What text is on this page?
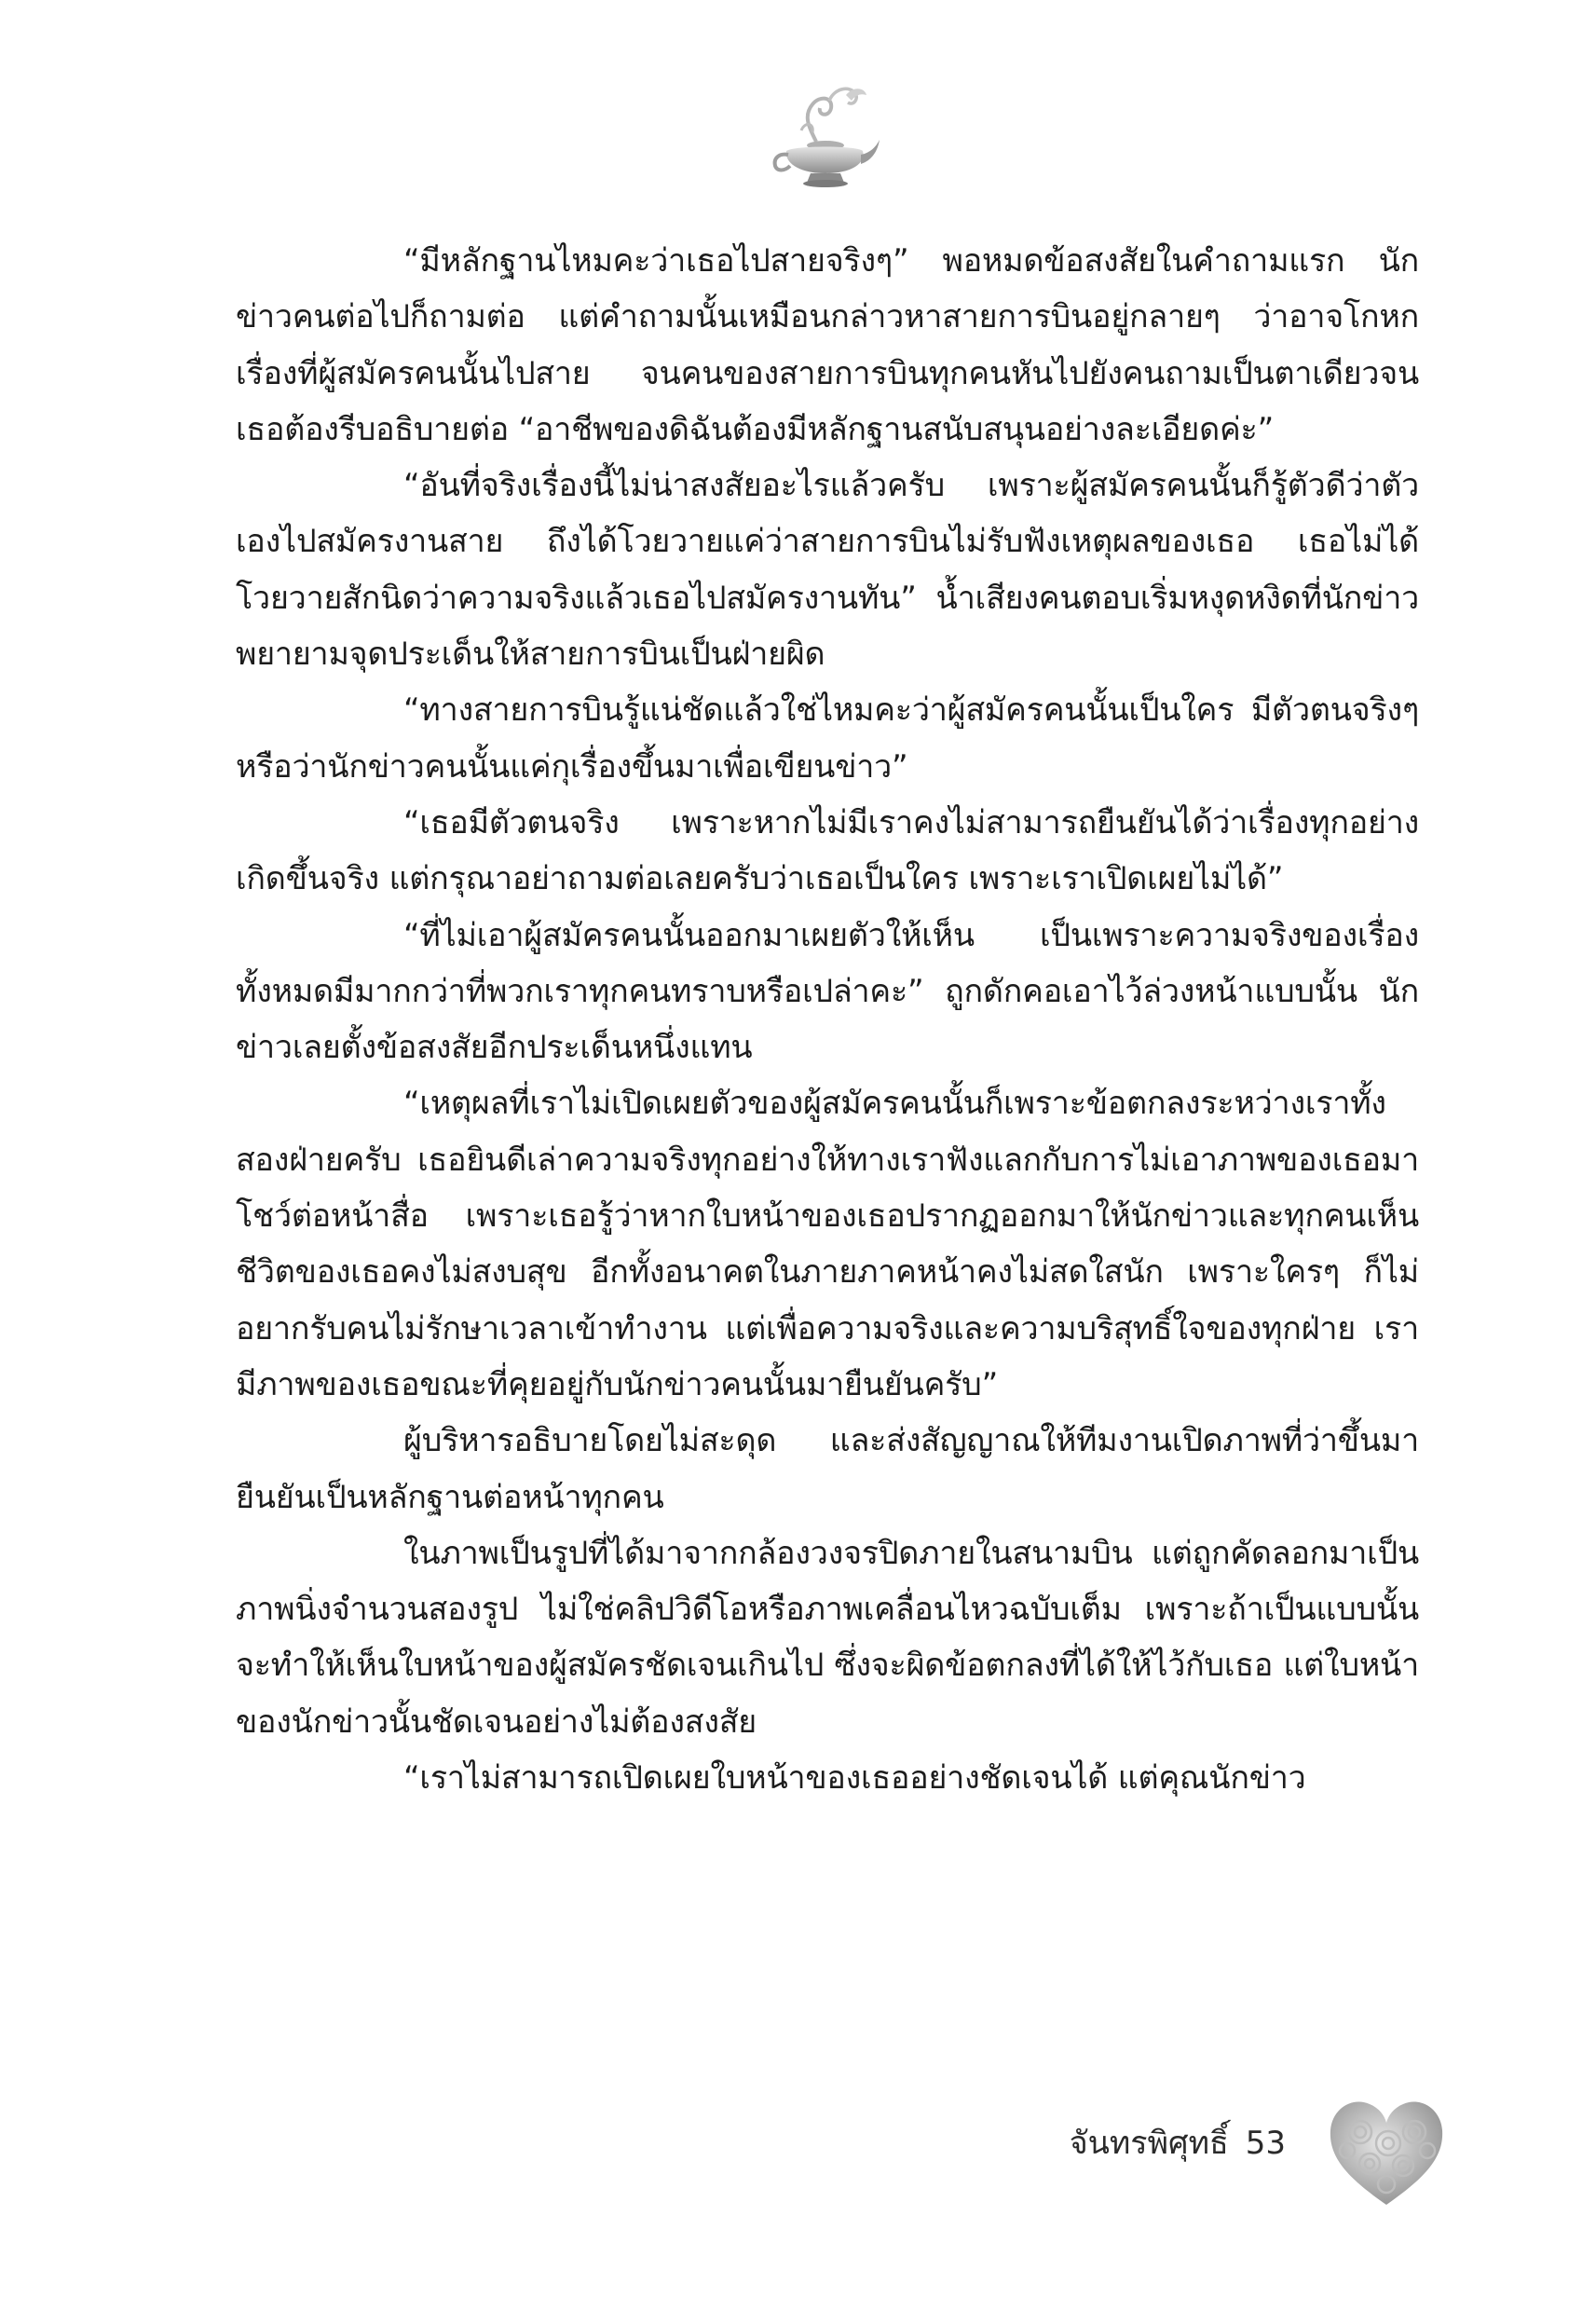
“มีหลักฐานไหมคะว่าเธอไปสายจริงๆ” พอหมดข้อสงสัยในคำถามแรก นักข่าวคนต่อไปก็ถามต่อ แต่คำถามนั้นเหมือนกล่าวหาสายการบินอยู่กลายๆ ว่าอาจโกหกเรื่องที่ผู้สมัครคนนั้นไปสาย จนคนของสายการบินทุกคนหันไปยังคนถามเป็นตาเดียวจนเธอต้องรีบอธิบายต่อ “อาชีพของดิฉันต้องมีหลักฐานสนับสนุนอย่างละเอียดค่ะ”

“อันที่จริงเรื่องนี้ไม่น่าสงสัยอะไรแล้วครับ เพราะผู้สมัครคนนั้นก็รู้ตัวดีว่าตัวเองไปสมัครงานสาย ถึงได้โวยวายแค่ว่าสายการบินไม่รับฟังเหตุผลของเธอ เธอไม่ได้โวยวายสักนิดว่าความจริงแล้วเธอไปสมัครงานทัน” น้ำเสียงคนตอบเริ่มหงุดหงิดที่นักข่าวพยายามจุดประเด็นให้สายการบินเป็นฝ่ายผิด

“ทางสายการบินรู้แน่ชัดแล้วใช่ไหมคะว่าผู้สมัครคนนั้นเป็นใคร มีตัวตนจริงๆ หรือว่านักข่าวคนนั้นแค่กุเรื่องขึ้นมาเพื่อเขียนข่าว”

“เธอมีตัวตนจริง เพราะหากไม่มีเราคงไม่สามารถยืนยันได้ว่าเรื่องทุกอย่างเกิดขึ้นจริง แต่กรุณาอย่าถามต่อเลยครับว่าเธอเป็นใคร เพราะเราเปิดเผยไม่ได้”

“ที่ไม่เอาผู้สมัครคนนั้นออกมาเผยตัวให้เห็น เป็นเพราะความจริงของเรื่องทั้งหมดมีมากกว่าที่พวกเราทุกคนทราบหรือเปล่าคะ” ถูกดักคอเอาไว้ล่วงหน้าแบบนั้น นักข่าวเลยตั้งข้อสงสัยอีกประเด็นหนึ่งแทน

“เหตุผลที่เราไม่เปิดเผยตัวของผู้สมัครคนนั้นก็เพราะข้อตกลงระหว่างเราทั้งสองฝ่ายครับ เธอยินดีเล่าความจริงทุกอย่างให้ทางเราฟังแลกกับการไม่เอาภาพของเธอมาโชว์ต่อหน้าสื่อ เพราะเธอรู้ว่าหากใบหน้าของเธอปรากฏออกมาให้นักข่าวและทุกคนเห็น ชีวิตของเธอคงไม่สงบสุข อีกทั้งอนาคตในภายภาคหน้าคงไม่สดใสนัก เพราะใครๆ ก็ไม่อยากรับคนไม่รักษาเวลาเข้าทำงาน แต่เพื่อความจริงและความบริสุทธิ์ใจของทุกฝ่าย เรามีภาพของเธอขณะที่คุยอยู่กับนักข่าวคนนั้นมายืนยันครับ”

ผู้บริหารอธิบายโดยไม่สะดุด และส่งสัญญาณให้ทีมงานเปิดภาพที่ว่าขึ้นมายืนยันเป็นหลักฐานต่อหน้าทุกคน

ในภาพเป็นรูปที่ได้มาจากกล้องวงจรปิดภายในสนามบิน แต่ถูกคัดลอกมาเป็นภาพนิ่งจำนวนสองรูป ไม่ใช่คลิปวิดีโอหรือภาพเคลื่อนไหวฉบับเต็ม เพราะถ้าเป็นแบบนั้นจะทำให้เห็นใบหน้าของผู้สมัครชัดเจนเกินไป ซึ่งจะผิดข้อตกลงที่ได้ให้ไว้กับเธอ แต่ใบหน้าของนักข่าวนั้นชัดเจนอย่างไม่ต้องสงสัย

“เราไม่สามารถเปิดเผยใบหน้าของเธออย่างชัดเจนได้ แต่คุณนักข่าว

จันทรพิศุทธิ์ 53
